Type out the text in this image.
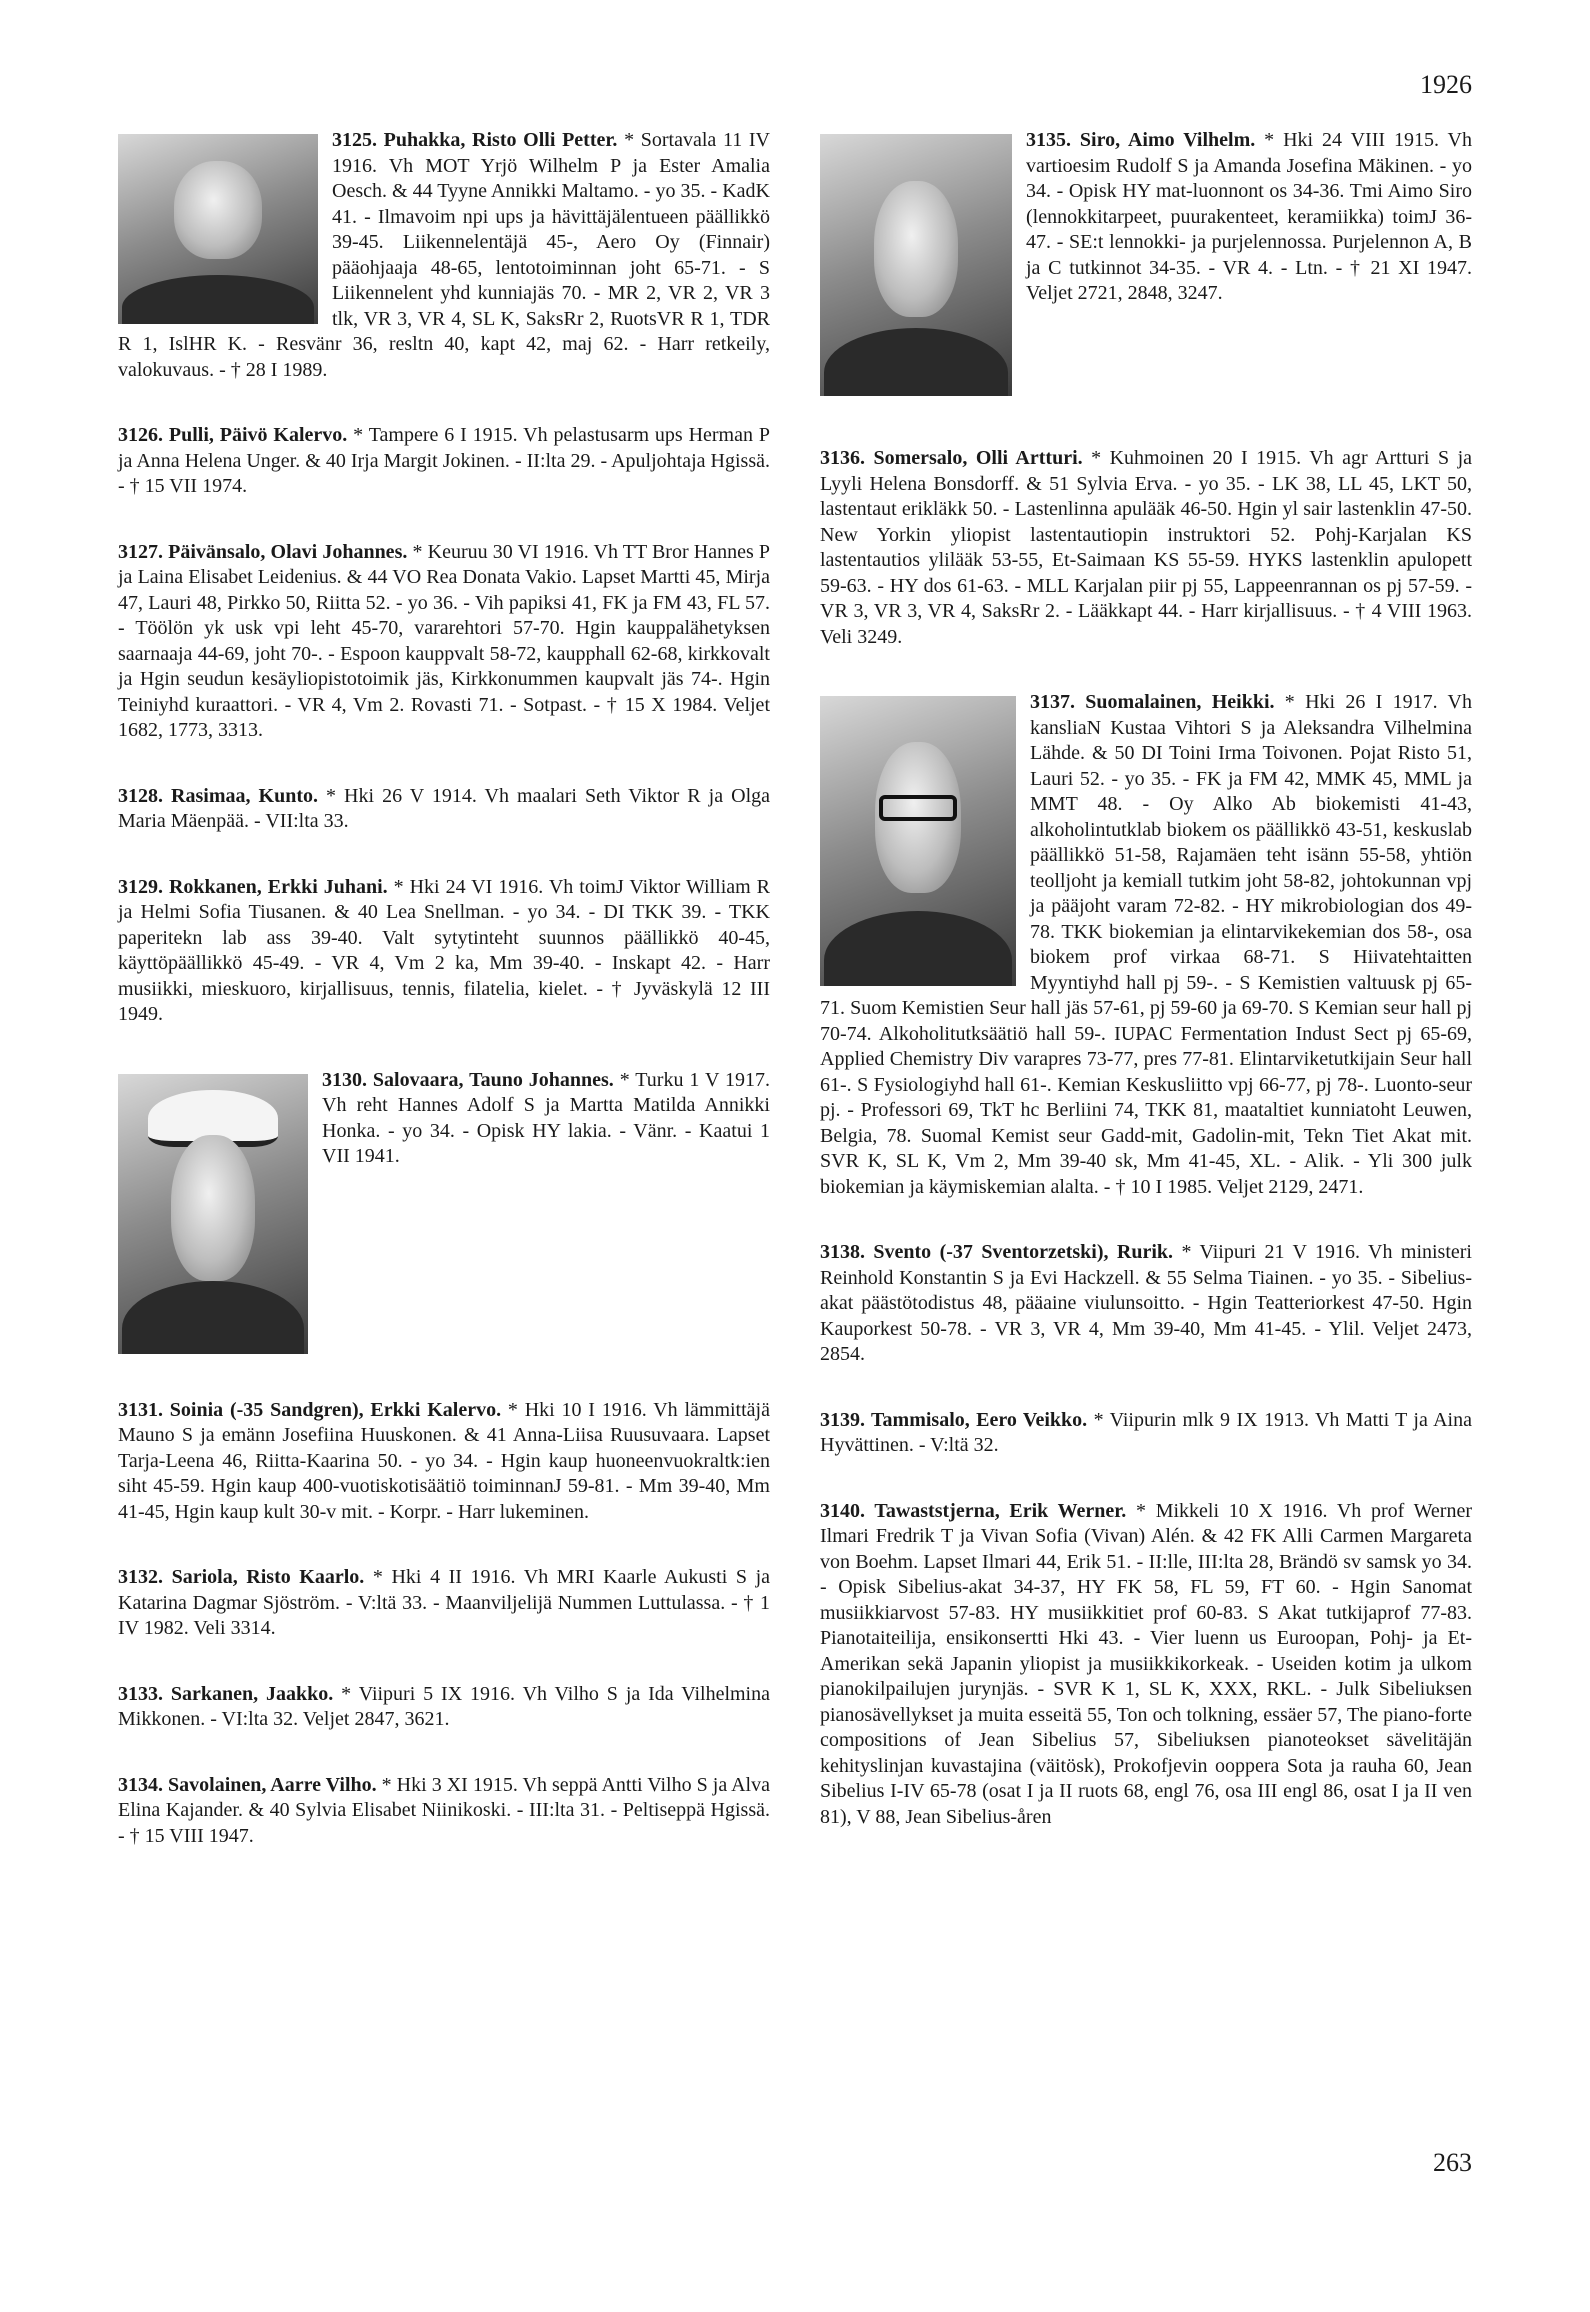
1926
3125. Puhakka, Risto Olli Petter. * Sortavala 11 IV 1916. Vh MOT Yrjö Wilhelm P ja Ester Amalia Oesch. & 44 Tyyne Annikki Maltamo. - yo 35. - KadK 41. - Ilmavoim npi ups ja hävittäjälentueen päällikkö 39-45. Liikennelentäjä 45-, Aero Oy (Finnair) pääohjaaja 48-65, lentotoiminnan joht 65-71. - S Liikennelent yhd kunniajäs 70. - MR 2, VR 2, VR 3 tlk, VR 3, VR 4, SL K, SaksRr 2, RuotsVR R 1, TDR R 1, IslHR K. - Resvänr 36, resltn 40, kapt 42, maj 62. - Harr retkeily, valokuvaus. - † 28 I 1989.
3126. Pulli, Päivö Kalervo. * Tampere 6 I 1915. Vh pelastusarm ups Herman P ja Anna Helena Unger. & 40 Irja Margit Jokinen. - II:lta 29. - Apuljohtaja Hgissä. - † 15 VII 1974.
3127. Päivänsalo, Olavi Johannes. * Keuruu 30 VI 1916. Vh TT Bror Hannes P ja Laina Elisabet Leidenius. & 44 VO Rea Donata Vakio. Lapset Martti 45, Mirja 47, Lauri 48, Pirkko 50, Riitta 52. - yo 36. - Vih papiksi 41, FK ja FM 43, FL 57. - Töölön yk usk vpi leht 45-70, vararehtori 57-70. Hgin kauppalähetyksen saarnaaja 44-69, joht 70-. - Espoon kauppvalt 58-72, kaupphall 62-68, kirkkovalt ja Hgin seudun kesäyliopistotoimik jäs, Kirkkonummen kaupvalt jäs 74-. Hgin Teiniyhd kuraattori. - VR 4, Vm 2. Rovasti 71. - Sotpast. - † 15 X 1984. Veljet 1682, 1773, 3313.
3128. Rasimaa, Kunto. * Hki 26 V 1914. Vh maalari Seth Viktor R ja Olga Maria Mäenpää. - VII:lta 33.
3129. Rokkanen, Erkki Juhani. * Hki 24 VI 1916. Vh toimJ Viktor William R ja Helmi Sofia Tiusanen. & 40 Lea Snellman. - yo 34. - DI TKK 39. - TKK paperitekn lab ass 39-40. Valt sytytinteht suunnos päällikkö 40-45, käyttöpäällikkö 45-49. - VR 4, Vm 2 ka, Mm 39-40. - Inskapt 42. - Harr musiikki, mieskuoro, kirjallisuus, tennis, filatelia, kielet. - † Jyväskylä 12 III 1949.
3130. Salovaara, Tauno Johannes. * Turku 1 V 1917. Vh reht Hannes Adolf S ja Martta Matilda Annikki Honka. - yo 34. - Opisk HY lakia. - Vänr. - Kaatui 1 VII 1941.
3131. Soinia (-35 Sandgren), Erkki Kalervo. * Hki 10 I 1916. Vh lämmittäjä Mauno S ja emänn Josefiina Huuskonen. & 41 Anna-Liisa Ruusuvaara. Lapset Tarja-Leena 46, Riitta-Kaarina 50. - yo 34. - Hgin kaup huoneenvuokraltk:ien siht 45-59. Hgin kaup 400-vuotiskotisäätiö toiminnanJ 59-81. - Mm 39-40, Mm 41-45, Hgin kaup kult 30-v mit. - Korpr. - Harr lukeminen.
3132. Sariola, Risto Kaarlo. * Hki 4 II 1916. Vh MRI Kaarle Aukusti S ja Katarina Dagmar Sjöström. - V:ltä 33. - Maanviljelijä Nummen Luttulassa. - † 1 IV 1982. Veli 3314.
3133. Sarkanen, Jaakko. * Viipuri 5 IX 1916. Vh Vilho S ja Ida Vilhelmina Mikkonen. - VI:lta 32. Veljet 2847, 3621.
3134. Savolainen, Aarre Vilho. * Hki 3 XI 1915. Vh seppä Antti Vilho S ja Alva Elina Kajander. & 40 Sylvia Elisabet Niinikoski. - III:lta 31. - Peltiseppä Hgissä. - † 15 VIII 1947.
3135. Siro, Aimo Vilhelm. * Hki 24 VIII 1915. Vh vartioesim Rudolf S ja Amanda Josefina Mäkinen. - yo 34. - Opisk HY mat-luonnont os 34-36. Tmi Aimo Siro (lennokkitarpeet, puurakenteet, keramiikka) toimJ 36-47. - SE:t lennokki- ja purjelennossa. Purjelennon A, B ja C tutkinnot 34-35. - VR 4. - Ltn. - † 21 XI 1947. Veljet 2721, 2848, 3247.
3136. Somersalo, Olli Artturi. * Kuhmoinen 20 I 1915. Vh agr Artturi S ja Lyyli Helena Bonsdorff. & 51 Sylvia Erva. - yo 35. - LK 38, LL 45, LKT 50, lastentaut erikläkk 50. - Lastenlinna apulääk 46-50. Hgin yl sair lastenklin 47-50. New Yorkin yliopist lastentautiopin instruktori 52. Pohj-Karjalan KS lastentautios ylilääk 53-55, Et-Saimaan KS 55-59. HYKS lastenklin apulopett 59-63. - HY dos 61-63. - MLL Karjalan piir pj 55, Lappeenrannan os pj 57-59. - VR 3, VR 3, VR 4, SaksRr 2. - Lääkkapt 44. - Harr kirjallisuus. - † 4 VIII 1963. Veli 3249.
3137. Suomalainen, Heikki. * Hki 26 I 1917. Vh kansliaN Kustaa Vihtori S ja Aleksandra Vilhelmina Lähde. & 50 DI Toini Irma Toivonen. Pojat Risto 51, Lauri 52. - yo 35. - FK ja FM 42, MMK 45, MML ja MMT 48. - Oy Alko Ab biokemisti 41-43, alkoholintutklab biokem os päällikkö 43-51, keskuslab päällikkö 51-58, Rajamäen teht isänn 55-58, yhtiön teolljoht ja kemiall tutkim joht 58-82, johtokunnan vpj ja pääjoht varam 72-82. - HY mikrobiologian dos 49-78. TKK biokemian ja elintarvikekemian dos 58-, osa biokem prof virkaa 68-71. S Hiivatehtaitten Myyntiyhd hall pj 59-. - S Kemistien valtuusk pj 65-71. Suom Kemistien Seur hall jäs 57-61, pj 59-60 ja 69-70. S Kemian seur hall pj 70-74. Alkoholitutksäätiö hall 59-. IUPAC Fermentation Indust Sect pj 65-69, Applied Chemistry Div varapres 73-77, pres 77-81. Elintarviketutkijain Seur hall 61-. S Fysiologiyhd hall 61-. Kemian Keskusliitto vpj 66-77, pj 78-. Luonto-seur pj. - Professori 69, TkT hc Berliini 74, TKK 81, maataltiet kunniatoht Leuwen, Belgia, 78. Suomal Kemist seur Gadd-mit, Gadolin-mit, Tekn Tiet Akat mit. SVR K, SL K, Vm 2, Mm 39-40 sk, Mm 41-45, XL. - Alik. - Yli 300 julk biokemian ja käymiskemian alalta. - † 10 I 1985. Veljet 2129, 2471.
3138. Svento (-37 Sventorzetski), Rurik. * Viipuri 21 V 1916. Vh ministeri Reinhold Konstantin S ja Evi Hackzell. & 55 Selma Tiainen. - yo 35. - Sibelius-akat päästötodistus 48, pääaine viulunsoitto. - Hgin Teatteriorkest 47-50. Hgin Kauporkest 50-78. - VR 3, VR 4, Mm 39-40, Mm 41-45. - Ylil. Veljet 2473, 2854.
3139. Tammisalo, Eero Veikko. * Viipurin mlk 9 IX 1913. Vh Matti T ja Aina Hyvättinen. - V:ltä 32.
3140. Tawaststjerna, Erik Werner. * Mikkeli 10 X 1916. Vh prof Werner Ilmari Fredrik T ja Vivan Sofia (Vivan) Alén. & 42 FK Alli Carmen Margareta von Boehm. Lapset Ilmari 44, Erik 51. - II:lle, III:lta 28, Brändö sv samsk yo 34. - Opisk Sibelius-akat 34-37, HY FK 58, FL 59, FT 60. - Hgin Sanomat musiikkiarvost 57-83. HY musiikkitiet prof 60-83. S Akat tutkijaprof 77-83. Pianotaiteilija, ensikonsertti Hki 43. - Vier luenn us Euroopan, Pohj- ja Et-Amerikan sekä Japanin yliopist ja musiikkikorkeak. - Useiden kotim ja ulkom pianokilpailujen jurynjäs. - SVR K 1, SL K, XXX, RKL. - Julk Sibeliuksen pianosävellykset ja muita esseitä 55, Ton och tolkning, essäer 57, The piano-forte compositions of Jean Sibelius 57, Sibeliuksen pianoteokset sävelitäjän kehityslinjan kuvastajina (väitösk), Prokofjevin ooppera Sota ja rauha 60, Jean Sibelius I-IV 65-78 (osat I ja II ruots 68, engl 76, osa III engl 86, osat I ja II ven 81), V 88, Jean Sibelius-åren
263
